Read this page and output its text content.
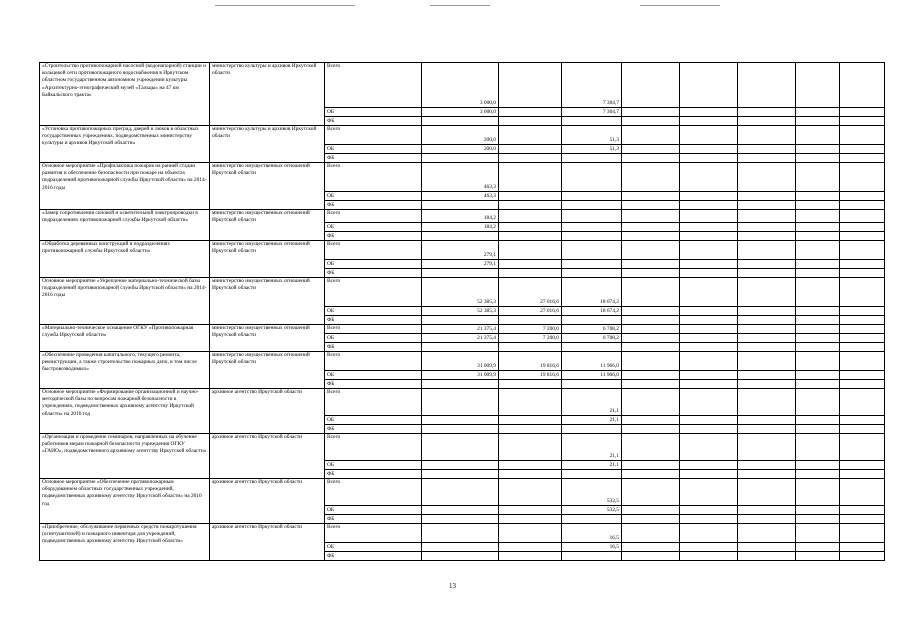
«Строительство противопожарной насосной (водонапорной) станции и кольцевой сети противопожарного водоснабжения в Иркутском областном государственном автономном учреждении культуры «Архитектурно-этнографический музей «Тальцы» на 47 км Байкальского тракта»	министерство культуры и архивов Иркутской области	Всего	3 000,0		7 304,7					
		ОБ	3 000,0		7 304,7					
		ФБ								
«Установка противопожарных преград, дверей и люков в областных государственных учреждениях, подведомственных министерству культуры и архивов Иркутской области»	министерство культуры и архивов Иркутской области	Всего	200,0		51,3					
		ОБ	200,0		51,3					
		ФБ								
Основное мероприятие «Профилактика пожаров на ранней стадии развития и обеспечение безопасности при пожаре на объектах подразделений противопожарной службы Иркутской области» на 2014-2016 годы	министерство имущественных отношений Иркутской области	Всего	463,3							
		ОБ	463,3							
		ФБ								
«Замер сопротивления силовой и осветительной электропроводки в подразделениях противопожарной службы Иркутской области»	министерство имущественных отношений Иркутской области	Всего	184,2							
		ОБ	184,2							
		ФБ								
«Обработка деревянных конструкций в подразделениях противопожарной службы Иркутской области»	министерство имущественных отношений Иркутской области	Всего	279,1							
		ОБ	279,1							
		ФБ								
Основное мероприятие «Укрепление материально-технической базы подразделений противопожарной службы Иркутской области» на 2014-2016 годы	министерство имущественных отношений Иркутской области	Всего	52 385,3	27 016,6	18 674,2					
		ОБ	52 385,3	27 016,6	18 674,2					
		ФБ								
«Материально-техническое оснащение ОГКУ «Противопожарная служба Иркутской области»	министерство имущественных отношений Иркутской области	Всего	21 375,4	7 200,0	6 708,2					
		ОБ	21 375,4	7 200,0	6 708,2					
		ФБ								
«Обеспечение проведения капитального, текущего ремонта, реконструкции, а также строительство пожарных депо, в том числе быстровозводимых»	министерство имущественных отношений Иркутской области	Всего	31 009,9	19 816,6	11 966,0					
		ОБ	31 009,9	19 816,6	11 966,0					
		ФБ								
Основное мероприятие «Формирование организационной и научно-методической базы по вопросам пожарной безопасности в учреждениях, подведомственных архивному агентству Иркутской области» на 2016 год	архивное агентство Иркутской области	Всего			21,1					
		ОБ			21,1					
		ФБ								
«Организация и проведение семинаров, направленных на обучение работников мерам пожарной безопасности учреждения ОГКУ «ГАИО», подведомственного архивному агентству Иркутской области»	архивное агентство Иркутской области	Всего			21,1					
		ОБ			21,1					
		ФБ								
Основное мероприятие «Обеспечение противопожарным оборудованием областных государственных учреждений, подведомственных архивному агентству Иркутской области» на 2016 год	архивное агентство Иркутской области	Всего			532,5					
		ОБ			532,5					
		ФБ								
«Приобретение, обслуживание первичных средств пожаротушения (огнетушителей) и пожарного инвентаря для учреждений, подведомственных архивному агентству Иркутской области»	архивное агентство Иркутской области	Всего			16,5					
		ОБ			16,5					
		ФБ								
13
